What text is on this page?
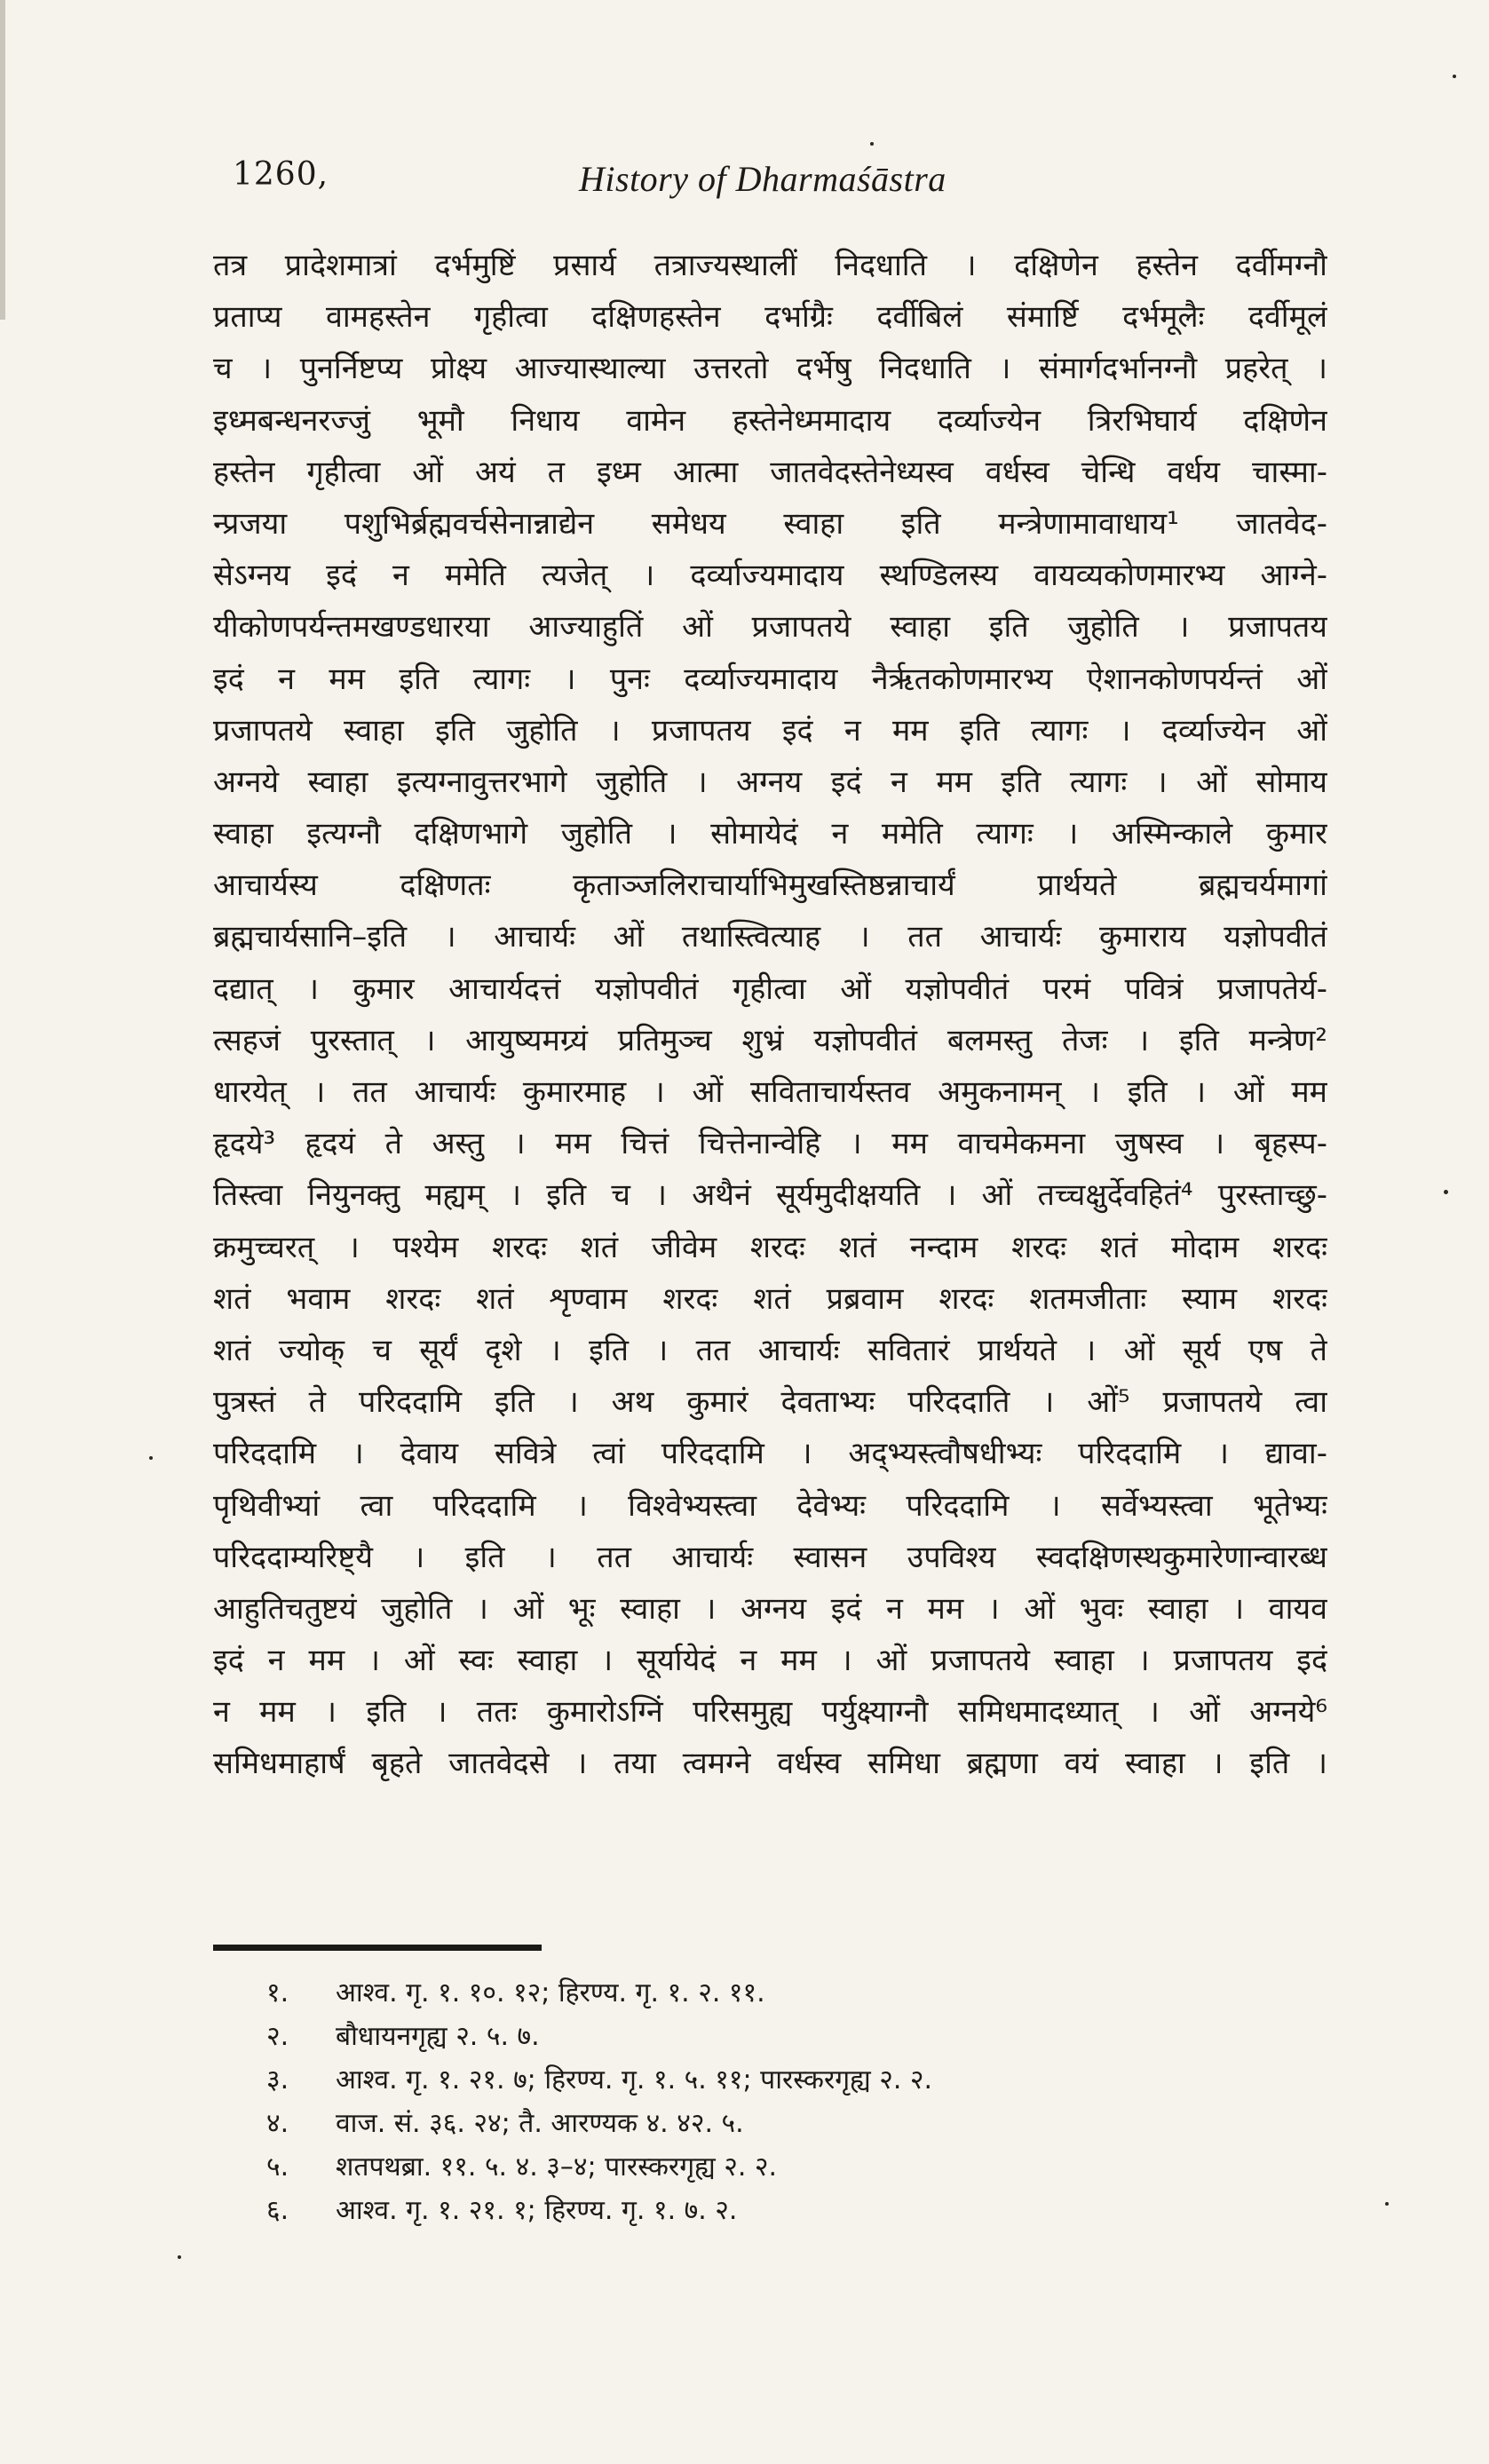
1260,	History of Dharmaśāstra
तत्र प्रादेशमात्रां दर्भमुष्टिं प्रसार्य तत्राज्यस्थालीं निदधाति । दक्षिणेन हस्तेन दर्वीमग्नौ
प्रताप्य वामहस्तेन गृहीत्वा दक्षिणहस्तेन दर्भाग्रैः दर्वीबिलं संमार्ष्टि दर्भमूलैः दर्वीमूलं
च । पुनर्निष्टप्य प्रोक्ष्य आज्यास्थाल्या उत्तरतो दर्भेषु निदधाति । संमार्गदर्भानग्नौ प्रहरेत् ।
इध्मबन्धनरज्जुं भूमौ निधाय वामेन हस्तेनेध्ममादाय दर्व्याज्येन त्रिरभिघार्य दक्षिणेन
हस्तेन गृहीत्वा ओं अयं त इध्म आत्मा जातवेदस्तेनेध्यस्व वर्धस्व चेन्धि वर्धय चास्मा-
न्प्रजया पशुभिर्ब्रह्मवर्चसेनान्नाद्येन समेधय स्वाहा इति मन्त्रेणामावाधाय¹ जातवेद-
सेऽग्नय इदं न ममेति त्यजेत् । दर्व्याज्यमादाय स्थण्डिलस्य वायव्यकोणमारभ्य आग्ने-
यीकोणपर्यन्तमखण्डधारया आज्याहुतिं ओं प्रजापतये स्वाहा इति जुहोति । प्रजापतय
इदं न मम इति त्यागः । पुनः दर्व्याज्यमादाय नैर्ऋतकोणमारभ्य ऐशानकोणपर्यन्तं ओं
प्रजापतये स्वाहा इति जुहोति । प्रजापतय इदं न मम इति त्यागः । दर्व्याज्येन ओं
अग्नये स्वाहा इत्यग्नावुत्तरभागे जुहोति । अग्नय इदं न मम इति त्यागः । ओं सोमाय
स्वाहा इत्यग्नौ दक्षिणभागे जुहोति । सोमायेदं न ममेति त्यागः । अस्मिन्काले कुमार
आचार्यस्य दक्षिणतः कृताञ्जलिराचार्याभिमुखस्तिष्ठन्नाचार्यं प्रार्थयते ब्रह्मचर्यमागां
ब्रह्मचार्यसानि–इति । आचार्यः ओं तथास्त्वित्याह । तत आचार्यः कुमाराय यज्ञोपवीतं
दद्यात् । कुमार आचार्यदत्तं यज्ञोपवीतं गृहीत्वा ओं यज्ञोपवीतं परमं पवित्रं प्रजापतेर्य-
त्सहजं पुरस्तात् । आयुष्यमग्र्यं प्रतिमुञ्च शुभ्रं यज्ञोपवीतं बलमस्तु तेजः । इति मन्त्रेण²
धारयेत् । तत आचार्यः कुमारमाह । ओं सविताचार्यस्तव अमुकनामन् । इति । ओं मम
हृदये³ हृदयं ते अस्तु । मम चित्तं चित्तेनान्वेहि । मम वाचमेकमना जुषस्व । बृहस्प-
तिस्त्वा नियुनक्तु मह्यम् । इति च । अथैनं सूर्यमुदीक्षयति । ओं तच्चक्षुर्देवहितं⁴ पुरस्ताच्छु-
क्रमुच्चरत् । पश्येम शरदः शतं जीवेम शरदः शतं नन्दाम शरदः शतं मोदाम शरदः
शतं भवाम शरदः शतं शृण्वाम शरदः शतं प्रब्रवाम शरदः शतमजीताः स्याम शरदः
शतं ज्योक् च सूर्यं दृशे । इति । तत आचार्यः सवितारं प्रार्थयते । ओं सूर्य एष ते
पुत्रस्तं ते परिददामि इति । अथ कुमारं देवताभ्यः परिददाति । ओं⁵ प्रजापतये त्वा
परिददामि । देवाय सवित्रे त्वां परिददामि । अद्भ्यस्त्वौषधीभ्यः परिददामि । द्यावा-
पृथिवीभ्यां त्वा परिददामि । विश्वेभ्यस्त्वा देवेभ्यः परिददामि । सर्वेभ्यस्त्वा भूतेभ्यः
परिददाम्यरिष्ट्यै । इति । तत आचार्यः स्वासन उपविश्य स्वदक्षिणस्थकुमारेणान्वारब्ध
आहुतिचतुष्टयं जुहोति । ओं भूः स्वाहा । अग्नय इदं न मम । ओं भुवः स्वाहा । वायव
इदं न मम । ओं स्वः स्वाहा । सूर्यायेदं न मम । ओं प्रजापतये स्वाहा । प्रजापतय इदं
न मम । इति । ततः कुमारोऽग्निं परिसमुह्य पर्युक्ष्याग्नौ समिधमादध्यात् । ओं अग्नये⁶
समिधमाहार्षं बृहते जातवेदसे । तया त्वमग्ने वर्धस्व समिधा ब्रह्मणा वयं स्वाहा । इति ।
१. आश्व. गृ. १. १०. १२; हिरण्य. गृ. १. २. ११.
२. बौधायनगृह्य २. ५. ७.
३. आश्व. गृ. १. २१. ७; हिरण्य. गृ. १. ५. ११; पारस्करगृह्य २. २.
४. वाज. सं. ३६. २४; तै. आरण्यक ४. ४२. ५.
५. शतपथब्रा. ११. ५. ४. ३–४; पारस्करगृह्य २. २.
६. आश्व. गृ. १. २१. १; हिरण्य. गृ. १. ७. २.
